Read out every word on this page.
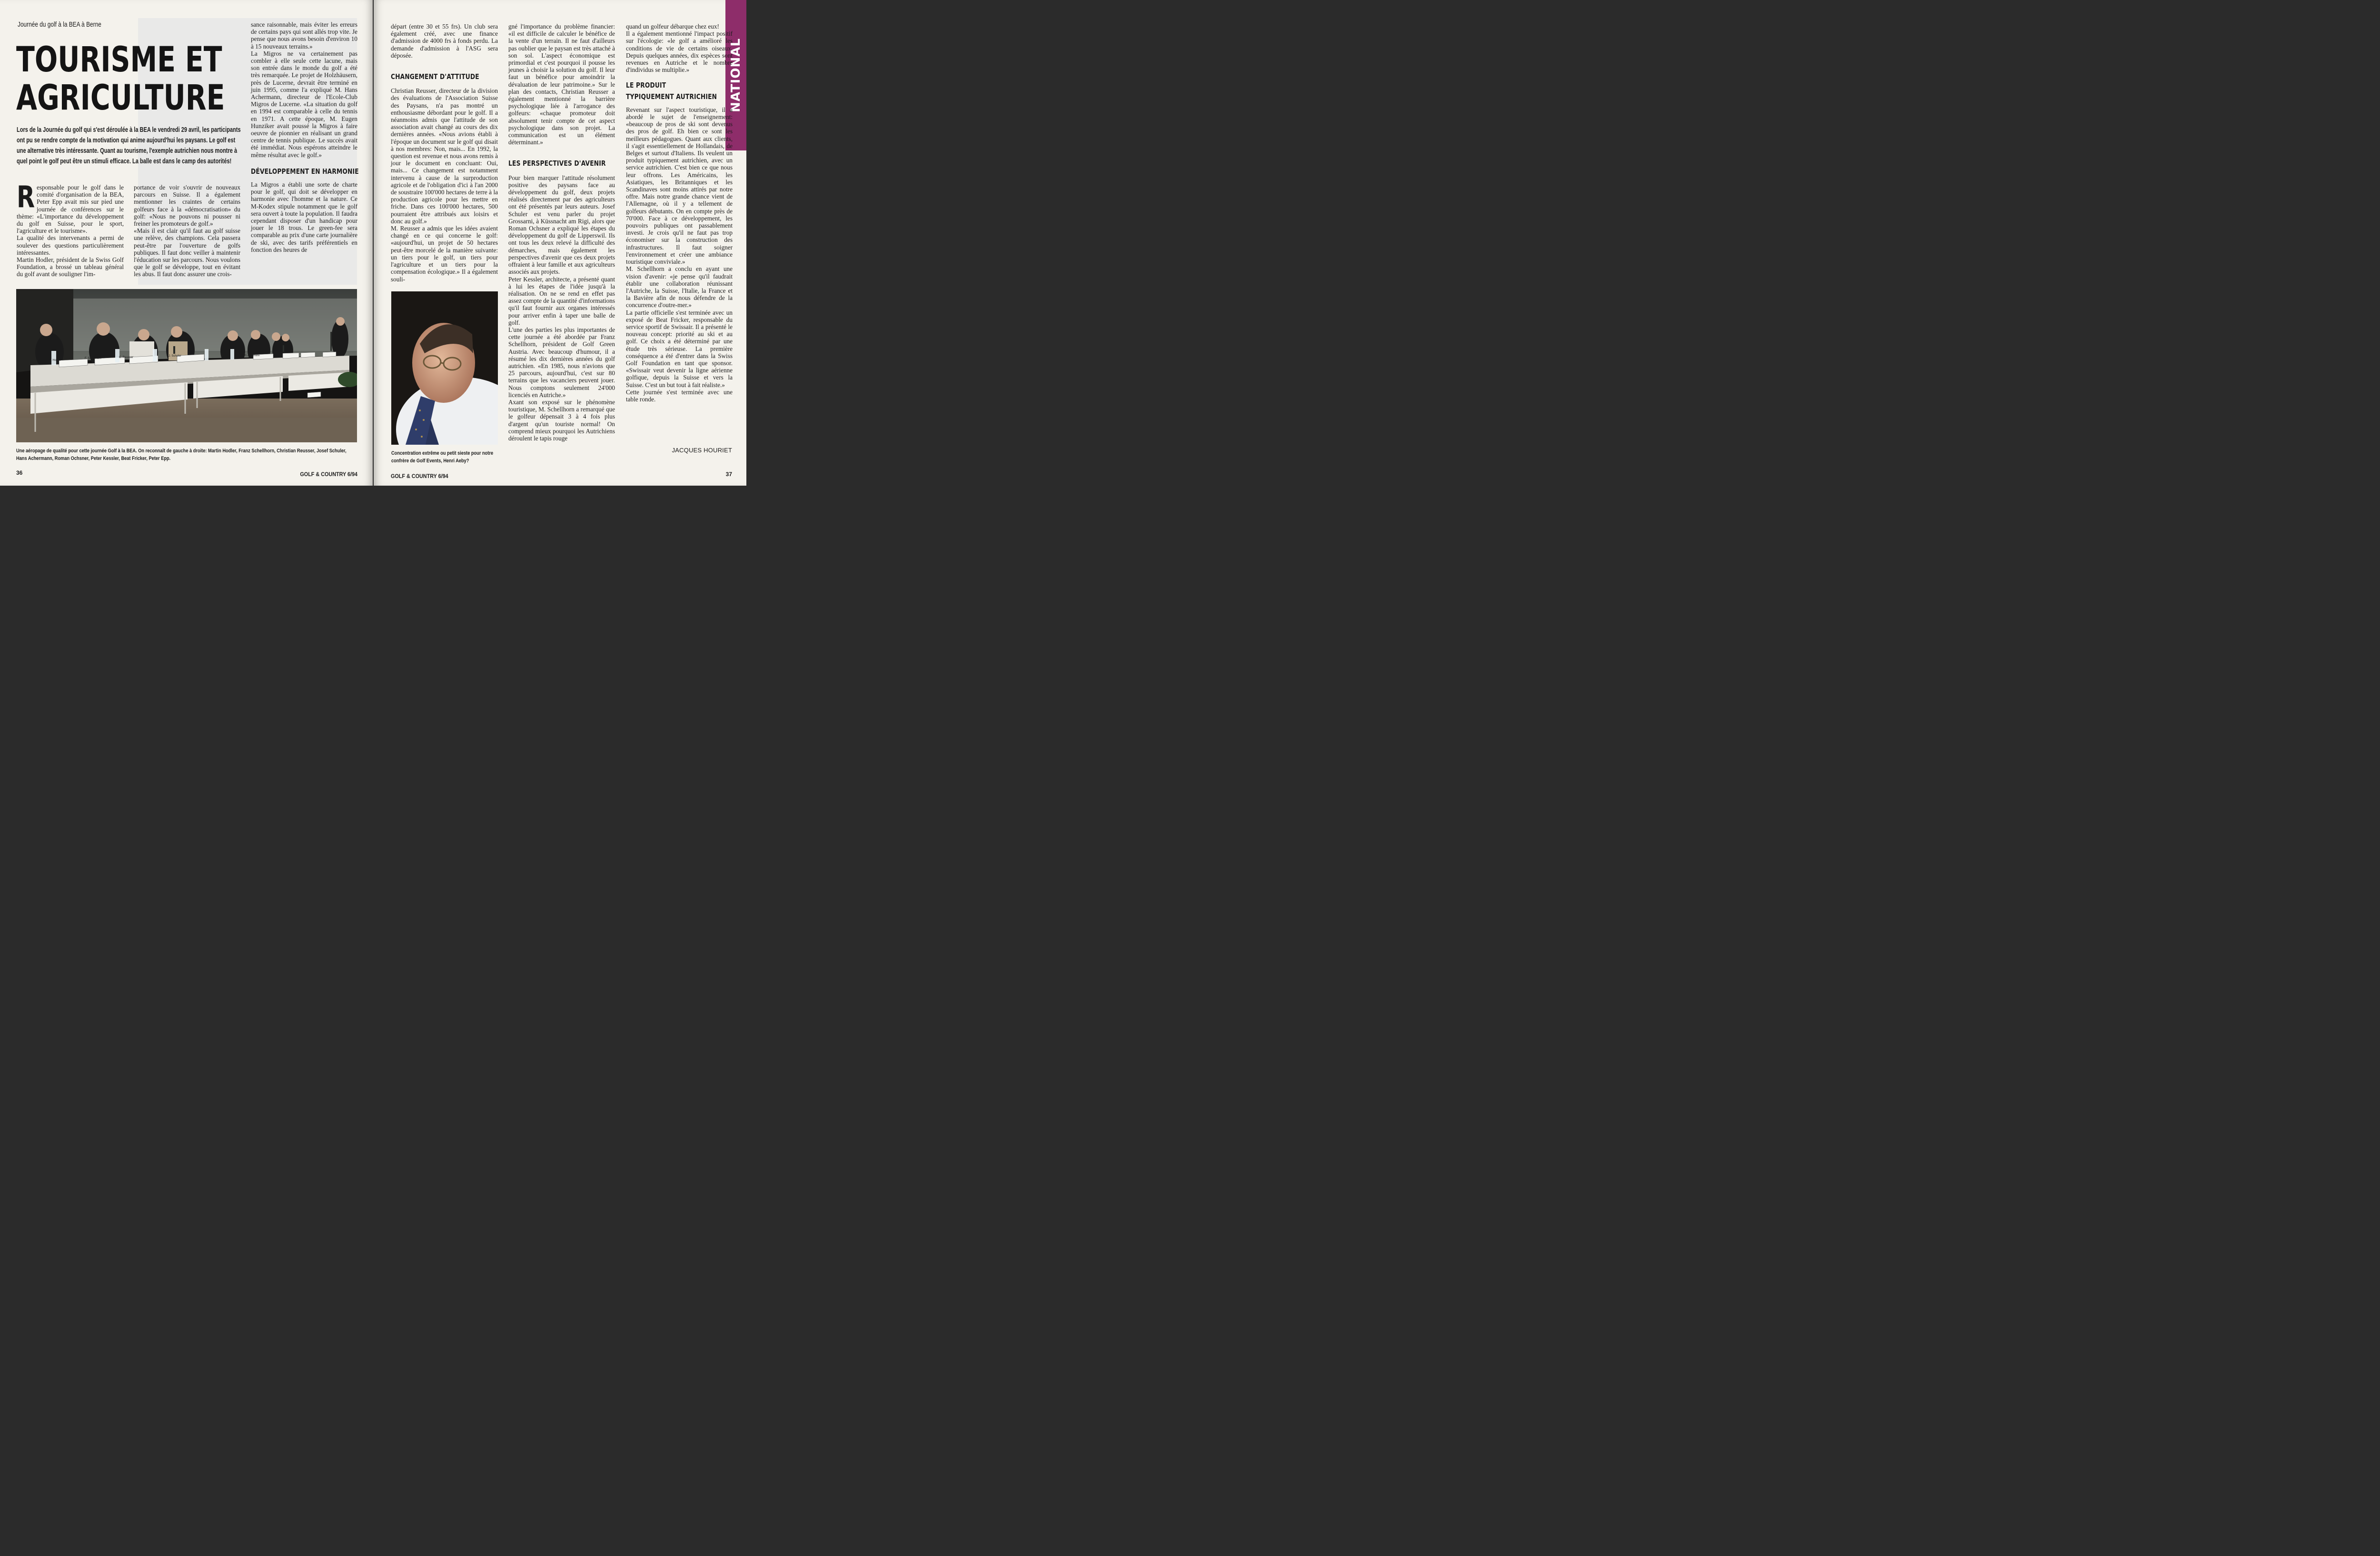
Journée du golf à la BEA à Berne
TOURISME ET
AGRICULTURE
Lors de la Journée du golf qui s'est déroulée à la BEA le vendredi 29 avril, les participants ont pu se rendre compte de la motivation qui anime aujourd'hui les paysans. Le golf est une alternative très intéressante. Quant au tourisme, l'exemple autrichien nous montre à quel point le golf peut être un stimuli efficace. La balle est dans le camp des autorités!
R esponsable pour le golf dans le comité d'organisation de la BEA, Peter Epp avait mis sur pied une journée de conférences sur le thème: «L'importance du développement du golf en Suisse, pour le sport, l'agriculture et le tourisme».

La qualité des intervenants a permi de soulever des questions particulièrement intéressantes.

Martin Hodler, président de la Swiss Golf Foundation, a brossé un tableau général du golf avant de souligner l'im-

portance de voir s'ouvrir de nouveaux parcours en Suisse. Il a également mentionner les craintes de certains golfeurs face à la «démocratisation» du golf: «Nous ne pouvons ni pousser ni freiner les promoteurs de golf.»

«Mais il est clair qu'il faut au golf suisse une relève, des champions. Cela passera peut-être par l'ouverture de golfs publiques. Il faut donc veiller à maintenir l'éducation sur les parcours. Nous voulons que le golf se développe, tout en évitant les abus. Il faut donc assurer une crois-

sance raisonnable, mais éviter les erreurs de certains pays qui sont allés trop vite. Je pense que nous avons besoin d'environ 10 à 15 nouveaux terrains.»

La Migros ne va certainement pas combler à elle seule cette lacune, mais son entrée dans le monde du golf a été très remarquée. Le projet de Holzhäusern, près de Lucerne, devrait être terminé en juin 1995, comme l'a expliqué M. Hans Achermann, directeur de l'Ecole-Club Migros de Lucerne. «La situation du golf en 1994 est comparable à celle du tennis en 1971. A cette époque, M. Eugen Hunziker avait poussé la Migros à faire oeuvre de pionnier en réalisant un grand centre de tennis publique. Le succès avait été immédiat. Nous espérons atteindre le même résultat avec le golf.»

DÉVELOPPEMENT EN HARMONIE

La Migros a établi une sorte de charte pour le golf, qui doit se développer en harmonie avec l'homme et la nature. Ce M-Kodex stipule notamment que le golf sera ouvert à toute la population. Il faudra cependant disposer d'un handicap pour jouer le 18 trous. Le green-fee sera comparable au prix d'une carte journalière de ski, avec des tarifs préférentiels en fonction des heures de

M. Hodler
F. Schellhorn	C. Reusser	J. Schuler	H. Achermann
Une aéropage de qualité pour cette journée Golf à la BEA. On reconnaît de gauche à droite: Martin Hodler, Franz Schellhorn, Christian Reusser, Josef Schuler, Hans Achermann, Roman Ochsner, Peter Kessler, Beat Fricker, Peter Epp.
36	GOLF & COUNTRY 6/94
NATIONAL

départ (entre 30 et 55 frs). Un club sera également créé, avec une finance d'admission de 4000 frs à fonds perdu. La demande d'admission à l'ASG sera déposée.

CHANGEMENT D'ATTITUDE

Christian Reusser, directeur de la division des évaluations de l'Association Suisse des Paysans, n'a pas montré un enthousiasme débordant pour le golf. Il a néanmoins admis que l'attitude de son association avait changé au cours des dix dernières années. «Nous avions établi à l'époque un document sur le golf qui disait à nos membres: Non, mais... En 1992, la question est revenue et nous avons remis à jour le document en concluant: Oui, mais... Ce changement est notamment intervenu à cause de la surproduction agricole et de l'obligation d'ici à l'an 2000 de soustraire 100'000 hectares de terre à la production agricole pour les mettre en friche. Dans ces 100'000 hectares, 500 pourraient être attribués aux loisirs et donc au golf.»

M. Reusser a admis que les idées avaient changé en ce qui concerne le golf: «aujourd'hui, un projet de 50 hectares peut-être morcelé de la manière suivante: un tiers pour le golf, un tiers pour l'agriculture et un tiers pour la compensation écologique.» Il a également souli-

Concentration extrême ou petit sieste pour notre confrère de Golf Events, Henri Aeby?

gné l'importance du problème financier: «il est difficile de calculer le bénéfice de la vente d'un terrain. Il ne faut d'ailleurs pas oublier que le paysan est très attaché à son sol. L'aspect économique est primordial et c'est pourquoi il pousse les jeunes à choisir la solution du golf. Il leur faut un bénéfice pour amoindrir la dévaluation de leur patrimoine.» Sur le plan des contacts, Christian Reusser a également mentionné la barrière psychologique liée à l'arrogance des golfeurs: «chaque promoteur doit absolument tenir compte de cet aspect psychologique dans son projet. La communication est un élément déterminant.»

LES PERSPECTIVES D'AVENIR

Pour bien marquer l'attitude résolument positive des paysans face au développement du golf, deux projets réalisés directement par des agriculteurs ont été présentés par leurs auteurs. Josef Schuler est venu parler du projet Grossarni, à Küssnacht am Rigi, alors que Roman Ochsner a expliqué les étapes du développement du golf de Lipperswil. Ils ont tous les deux relevé la difficulté des démarches, mais également les perspectives d'avenir que ces deux projets offraient à leur famille et aux agriculteurs associés aux projets.

Peter Kessler, architecte, a présenté quant à lui les étapes de l'idée jusqu'à la réalisation. On ne se rend en effet pas assez compte de la quantité d'informations qu'il faut fournir aux organes intéressés pour arriver enfin à taper une balle de golf.

L'une des parties les plus importantes de cette journée a été abordée par Franz Schellhorn, président de Golf Green Austria. Avec beaucoup d'humour, il a résumé les dix dernières années du golf autrichien. «En 1985, nous n'avions que 25 parcours, aujourd'hui, c'est sur 80 terrains que les vacanciers peuvent jouer. Nous comptons seulement 24'000 licenciés en Autriche.»

Axant son exposé sur le phénomène touristique, M. Schellhorn a remarqué que le golfeur dépensait 3 à 4 fois plus d'argent qu'un touriste normal! On comprend mieux pourquoi les Autrichiens déroulent le tapis rouge

quand un golfeur débarque chez eux!

Il a également mentionné l'impact positif sur l'écologie: «le golf a amélioré les conditions de vie de certains oiseaux. Depuis quelques années, dix espèces sont revenues en Autriche et le nombre d'individus se multiplie.»

LE PRODUIT

TYPIQUEMENT AUTRICHIEN

Revenant sur l'aspect touristique, il a abordé le sujet de l'enseignement: «beaucoup de pros de ski sont devenus des pros de golf. Eh bien ce sont les meilleurs pédagogues. Quant aux clients, il s'agit essentiellement de Hollandais, de Belges et surtout d'Italiens. Ils veulent un produit typiquement autrichien, avec un service autrichien. C'est bien ce que nous leur offrons. Les Américains, les Asiatiques, les Britanniques et les Scandinaves sont moins attirés par notre offre. Mais notre grande chance vient de l'Allemagne, où il y a tellement de golfeurs débutants. On en compte près de 70'000. Face à ce développement, les pouvoirs publiques ont passablement investi. Je crois qu'il ne faut pas trop économiser sur la construction des infrastructures. Il faut soigner l'environnement et créer une ambiance touristique conviviale.»

M. Schellhorn a conclu en ayant une vision d'avenir: «je pense qu'il faudrait établir une collaboration réunissant l'Autriche, la Suisse, l'Italie, la France et la Bavière afin de nous défendre de la concurrence d'outre-mer.»

La partie officielle s'est terminée avec un exposé de Beat Fricker, responsable du service sportif de Swissair. Il a présenté le nouveau concept: priorité au ski et au golf. Ce choix a été déterminé par une étude très sérieuse. La première conséquence a été d'entrer dans la Swiss Golf Foundation en tant que sponsor. «Swissair veut devenir la ligne aérienne golfique, depuis la Suisse et vers la Suisse. C'est un but tout à fait réaliste.»

Cette journée s'est terminée avec une table ronde.

JACQUES HOURIET
GOLF & COUNTRY 6/94	37
